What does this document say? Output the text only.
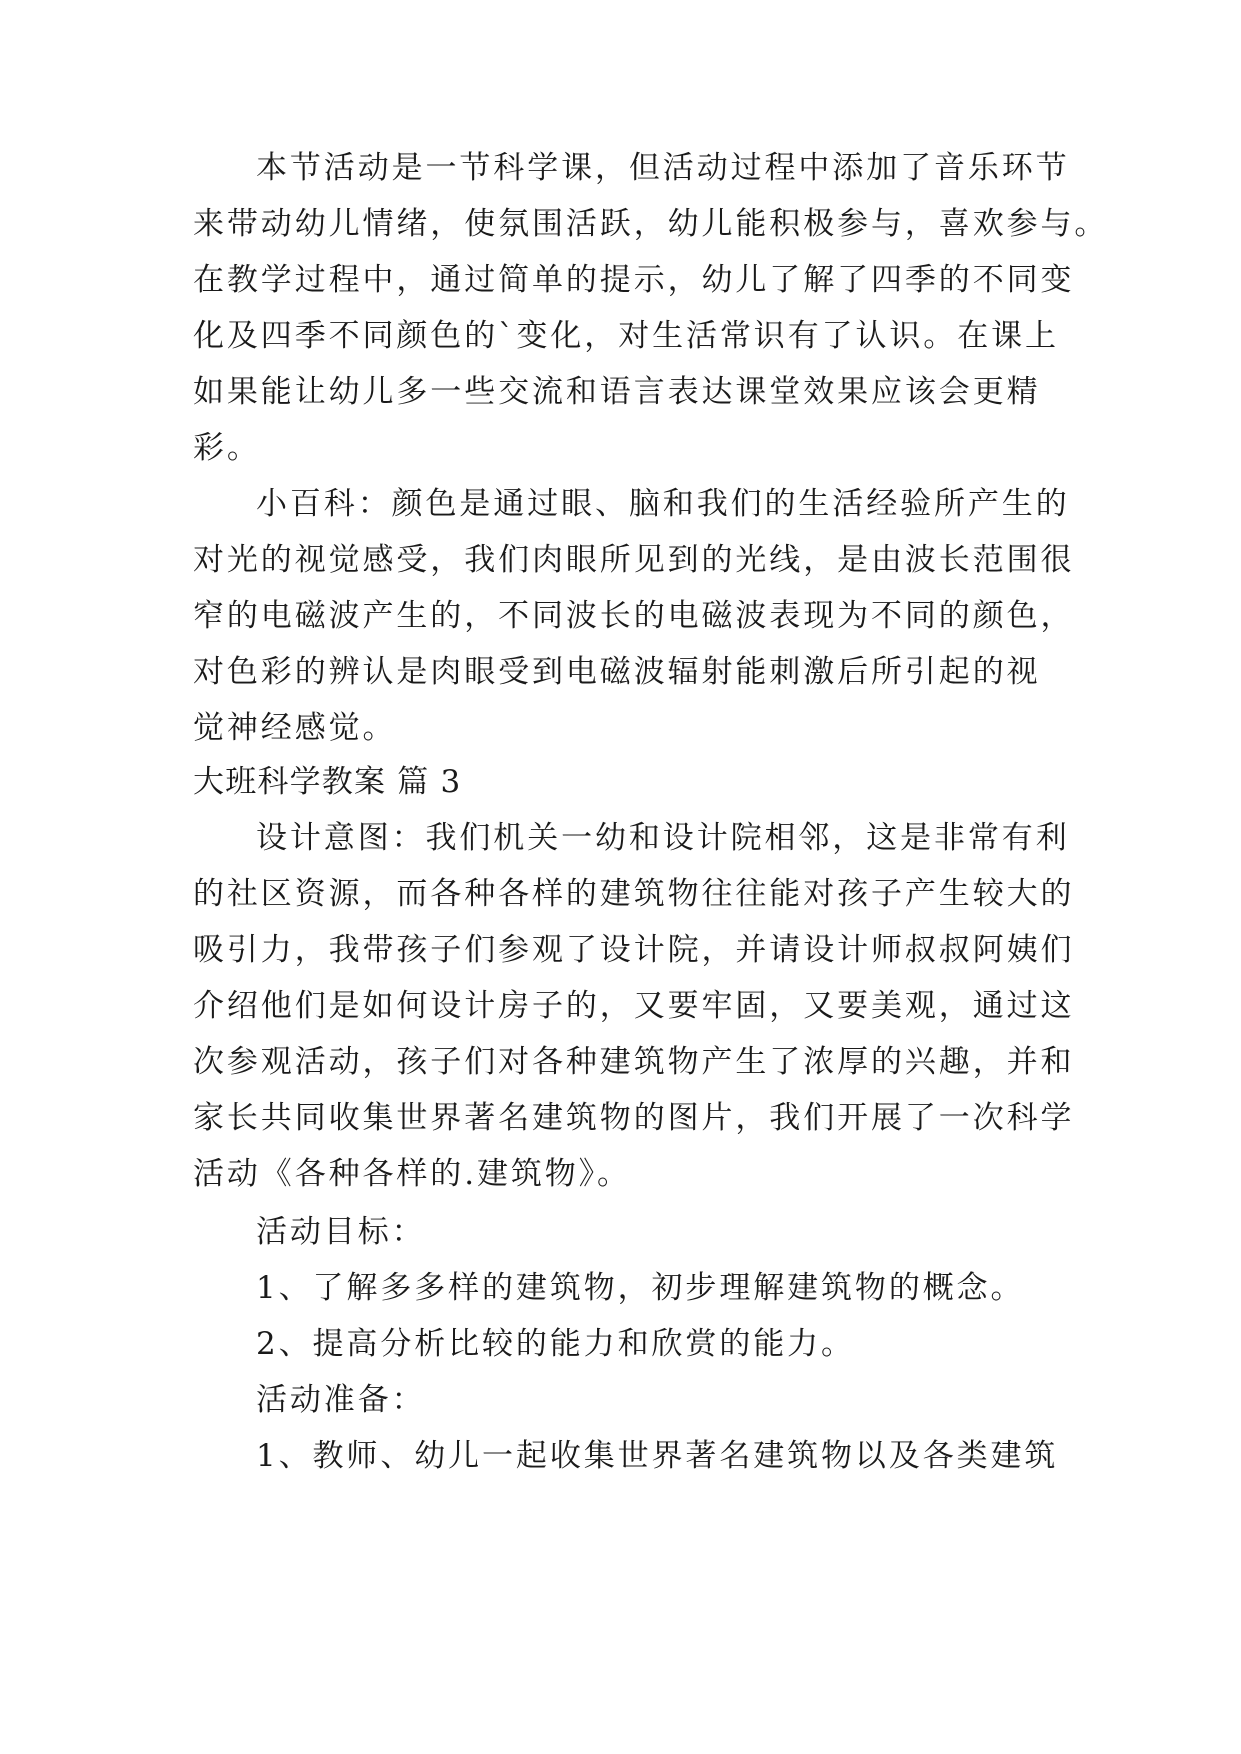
本节活动是一节科学课，但活动过程中添加了音乐环节

来带动幼儿情绪，使氛围活跃，幼儿能积极参与，喜欢参与。

在教学过程中，通过简单的提示，幼儿了解了四季的不同变

化及四季不同颜色的`变化，对生活常识有了认识。在课上

如果能让幼儿多一些交流和语言表达课堂效果应该会更精

彩。

小百科：颜色是通过眼、脑和我们的生活经验所产生的

对光的视觉感受，我们肉眼所见到的光线，是由波长范围很

窄的电磁波产生的，不同波长的电磁波表现为不同的颜色，

对色彩的辨认是肉眼受到电磁波辐射能刺激后所引起的视

觉神经感觉。

大班科学教案 篇 3

设计意图：我们机关一幼和设计院相邻，这是非常有利

的社区资源，而各种各样的建筑物往往能对孩子产生较大的

吸引力，我带孩子们参观了设计院，并请设计师叔叔阿姨们

介绍他们是如何设计房子的，又要牢固，又要美观，通过这

次参观活动，孩子们对各种建筑物产生了浓厚的兴趣，并和

家长共同收集世界著名建筑物的图片，我们开展了一次科学

活动《各种各样的.建筑物》。

活动目标：

1、了解多多样的建筑物，初步理解建筑物的概念。

2、提高分析比较的能力和欣赏的能力。

活动准备：

1、教师、幼儿一起收集世界著名建筑物以及各类建筑
